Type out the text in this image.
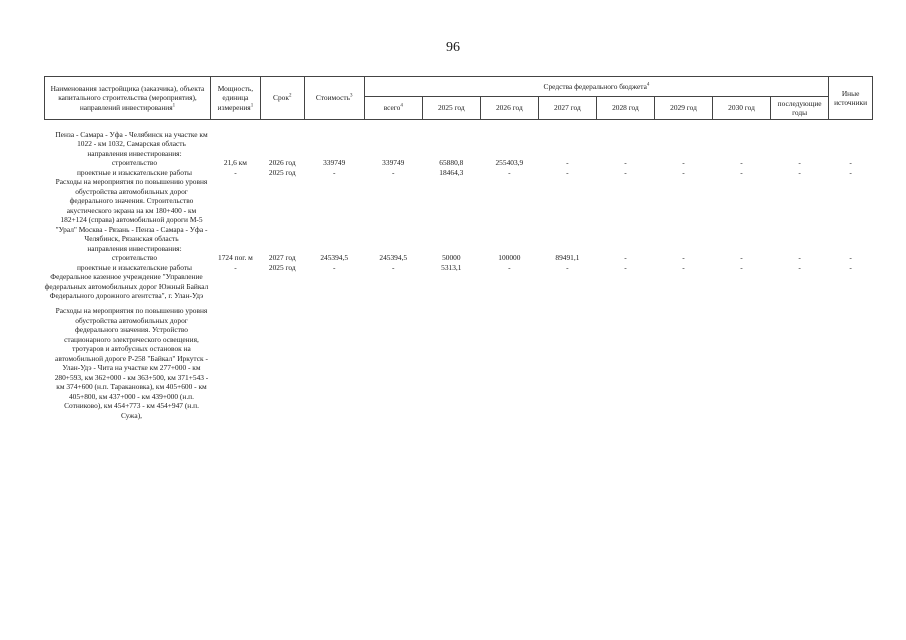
96
Наименования застройщика (заказчика), объекта капитального строительства (мероприятия), направлений инвестирования$^1$	Мощность, единица измерения$^1$	Срок$^2$	Стоимость$^3$	Средства федерального бюджета$^4$								Иные источники
				всего$^4$	2025 год	2026 год	2027 год	2028 год	2029 год	2030 год	последующие годы	
Пенза - Самара - Уфа - Челябинск на участке км 1022 - км 1032, Самарская область												
направления инвестирования:												
строительство	21,6 км	2026 год	339749	339749	65880,8	255403,9	-	-	-	-	-	-
проектные и изыскательские работы	-	2025 год	-	-	18464,3	-	-	-	-	-	-	-
Расходы на мероприятия по повышению уровня обустройства автомобильных дорог федерального значения. Строительство акустического экрана на км 180+400 - км 182+124 (справа) автомобильной дороги М-5 "Урал" Москва - Рязань - Пенза - Самара - Уфа - Челябинск, Рязанская область												
направления инвестирования:												
строительство	1724 пог. м	2027 год	245394,5	245394,5	50000	100000	89491,1	-	-	-	-	-
проектные и изыскательские работы	-	2025 год	-	-	5313,1	-	-	-	-	-	-	-
Федеральное казенное учреждение "Управление федеральных автомобильных дорог Южный Байкал Федерального дорожного агентства", г. Улан-Удэ												

Расходы на мероприятия по повышению уровня обустройства автомобильных дорог федерального значения. Устройство стационарного электрического освещения, тротуаров и автобусных остановок на автомобильной дороге Р-258 "Байкал" Иркутск - Улан-Удэ - Чита на участке км 277+000 - км 280+593, км 362+000 - км 363+500, км 371+543 - км 374+600 (н.п. Таракановка), км 405+600 - км 405+800, км 437+000 - км 439+000 (н.п. Сотниково), км 454+773 - км 454+947 (н.п. Сужа),												
